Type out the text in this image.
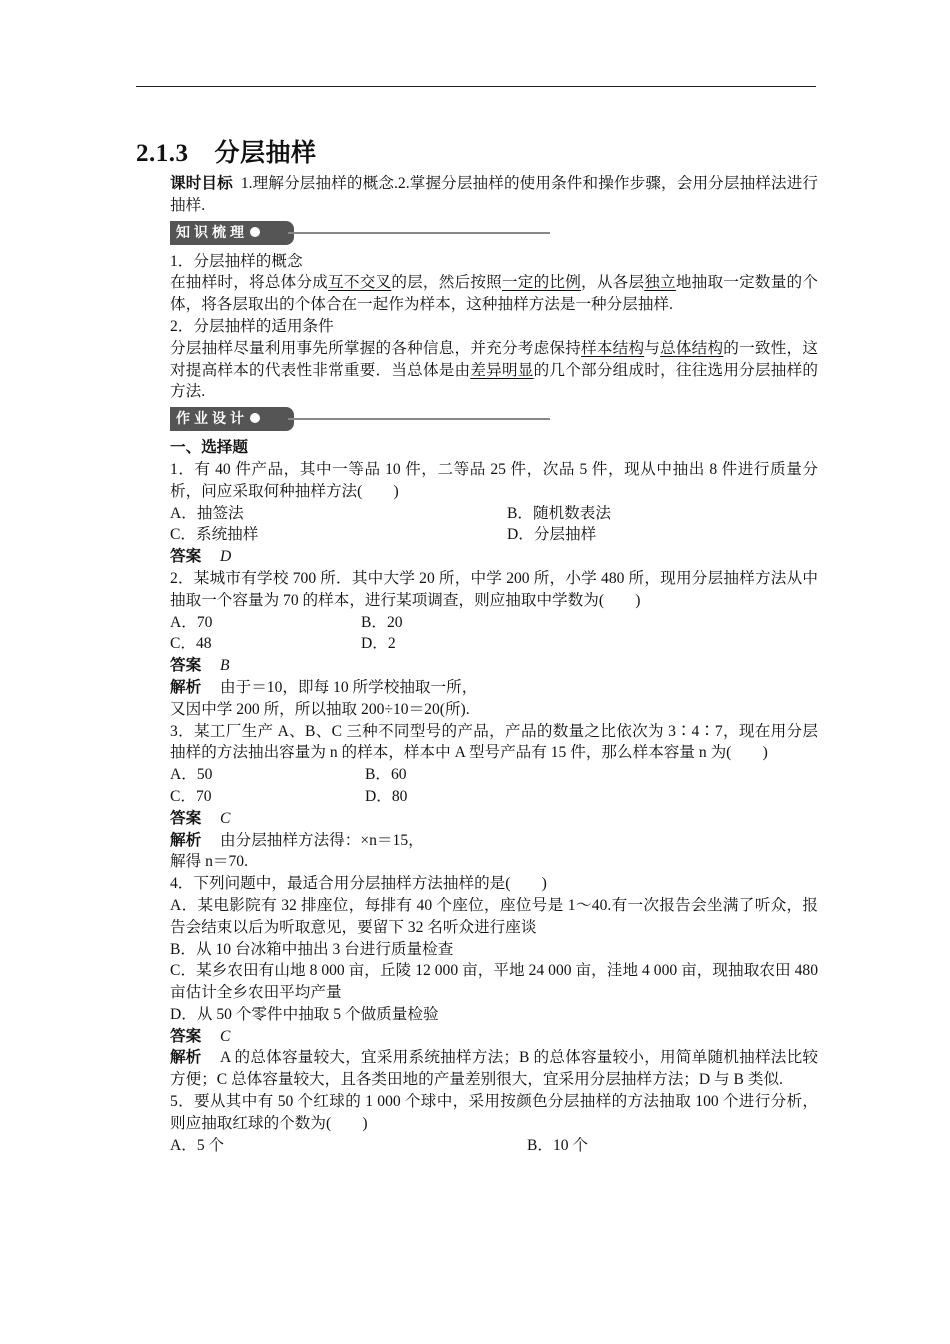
2.1.3 分层抽样

课时目标 1.理解分层抽样的概念.2.掌握分层抽样的使用条件和操作步骤，会用分层抽样法进行抽样.

知识梳理

1．分层抽样的概念

在抽样时，将总体分成互不交叉的层，然后按照一定的比例，从各层独立地抽取一定数量的个体，将各层取出的个体合在一起作为样本，这种抽样方法是一种分层抽样.

2．分层抽样的适用条件

分层抽样尽量利用事先所掌握的各种信息，并充分考虑保持样本结构与总体结构的一致性，这对提高样本的代表性非常重要．当总体是由差异明显的几个部分组成时，往往选用分层抽样的方法.

作业设计

一、选择题

1．有 40 件产品，其中一等品 10 件，二等品 25 件，次品 5 件，现从中抽出 8 件进行质量分析，问应采取何种抽样方法(　　)

A．抽签法	B．随机数表法
C．系统抽样	D．分层抽样

答案 D

2．某城市有学校 700 所．其中大学 20 所，中学 200 所，小学 480 所，现用分层抽样方法从中抽取一个容量为 70 的样本，进行某项调查，则应抽取中学数为(　　)

A．70	B．20
C．48	D．2

答案 B

解析 由于＝10，即每 10 所学校抽取一所，

又因中学 200 所，所以抽取 200÷10＝20(所).

3．某工厂生产 A、B、C 三种不同型号的产品，产品的数量之比依次为 3∶4∶7，现在用分层抽样的方法抽出容量为 n 的样本，样本中 A 型号产品有 15 件，那么样本容量 n 为(　　)

A．50	B．60
C．70	D．80

答案 C

解析 由分层抽样方法得：×n＝15，

解得 n＝70.

4．下列问题中，最适合用分层抽样方法抽样的是(　　)

A．某电影院有 32 排座位，每排有 40 个座位，座位号是 1～40.有一次报告会坐满了听众，报告会结束以后为听取意见，要留下 32 名听众进行座谈

B．从 10 台冰箱中抽出 3 台进行质量检查

C．某乡农田有山地 8 000 亩，丘陵 12 000 亩，平地 24 000 亩，洼地 4 000 亩，现抽取农田 480 亩估计全乡农田平均产量

D．从 50 个零件中抽取 5 个做质量检验

答案 C

解析 A 的总体容量较大，宜采用系统抽样方法；B 的总体容量较小，用简单随机抽样法比较方便；C 总体容量较大，且各类田地的产量差别很大，宜采用分层抽样方法；D 与 B 类似.

5．要从其中有 50 个红球的 1 000 个球中，采用按颜色分层抽样的方法抽取 100 个进行分析，则应抽取红球的个数为(　　)

A．5 个	B．10 个
